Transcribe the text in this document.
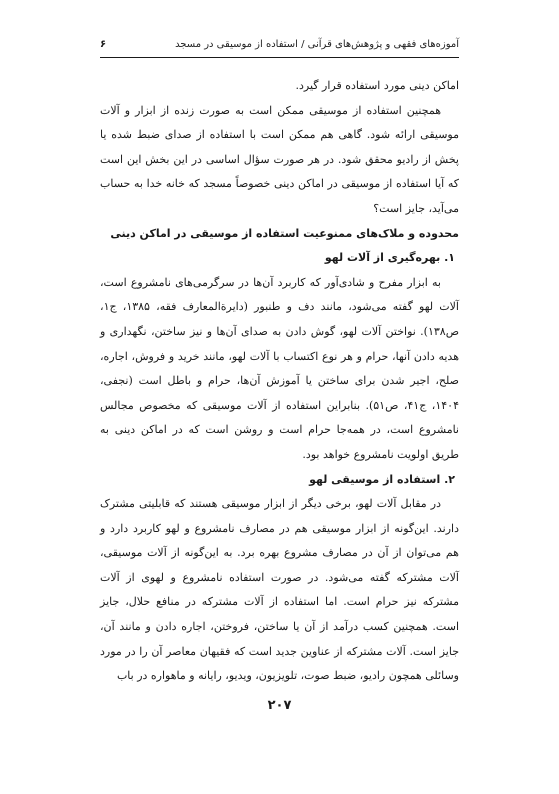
آموزه‌های فقهی و پژوهش‌های قرآنی / استفاده از موسیقی در مسجد
۶

اماکن دینی مورد استفاده قرار گیرد.

همچنین استفاده از موسیقی ممکن است به صورت زنده از ابزار و آلات موسیقی ارائه شود. گاهی هم ممکن است با استفاده از صدای ضبط شده یا پخش از رادیو محقق شود. در هر صورت سؤال اساسی در این بخش این است که آیا استفاده از موسیقی در اماکن دینی خصوصاً مسجد که خانه خدا به حساب می‌آید، جایز است؟

محدوده و ملاک‌های ممنوعیت استفاده از موسیقی در اماکن دینی
۱. بهره‌گیری از آلات لهو

به ابزار مفرح و شادی‌آور که کاربرد آن‌ها در سرگرمی‌های نامشروع است، آلات لهو گفته می‌شود، مانند دف و طنبور (دایرة‌المعارف فقه، ۱۳۸۵، ج۱، ص۱۳۸). نواختن آلات لهو، گوش دادن به صدای آن‌ها و نیز ساختن، نگهداری و هدیه دادن آنها، حرام و هر نوع اکتساب با آلات لهو، مانند خرید و فروش، اجاره، صلح، اجیر شدن برای ساختن یا آموزش آن‌ها، حرام و باطل است (نجفی، ۱۴۰۴، ج۴۱، ص۵۱). بنابراین استفاده از آلات موسیقی که مخصوص مجالس نامشروع است، در همه‌جا حرام است و روشن است که در اماکن دینی به طریق اولویت نامشروع خواهد بود.

۲. استفاده از موسیقی لهو

در مقابل آلات لهو، برخی دیگر از ابزار موسیقی هستند که قابلیتی مشترک دارند. این‌گونه از ابزار موسیقی هم در مصارف نامشروع و لهو کاربرد دارد و هم می‌توان از آن در مصارف مشروع بهره برد. به این‌گونه از آلات موسیقی، آلات مشترکه گفته می‌شود. در صورت استفاده نامشروع و لهوی از آلات مشترکه نیز حرام است. اما استفاده از آلات مشترکه در منافع حلال، جایز است. همچنین کسب درآمد از آن یا ساختن، فروختن، اجاره دادن و مانند آن، جایز است. آلات مشترکه از عناوین جدید است که فقیهان معاصر آن را در مورد وسائلی همچون رادیو، ضبط صوت، تلویزیون، ویدیو، رایانه و ماهواره در باب

۲۰۷
